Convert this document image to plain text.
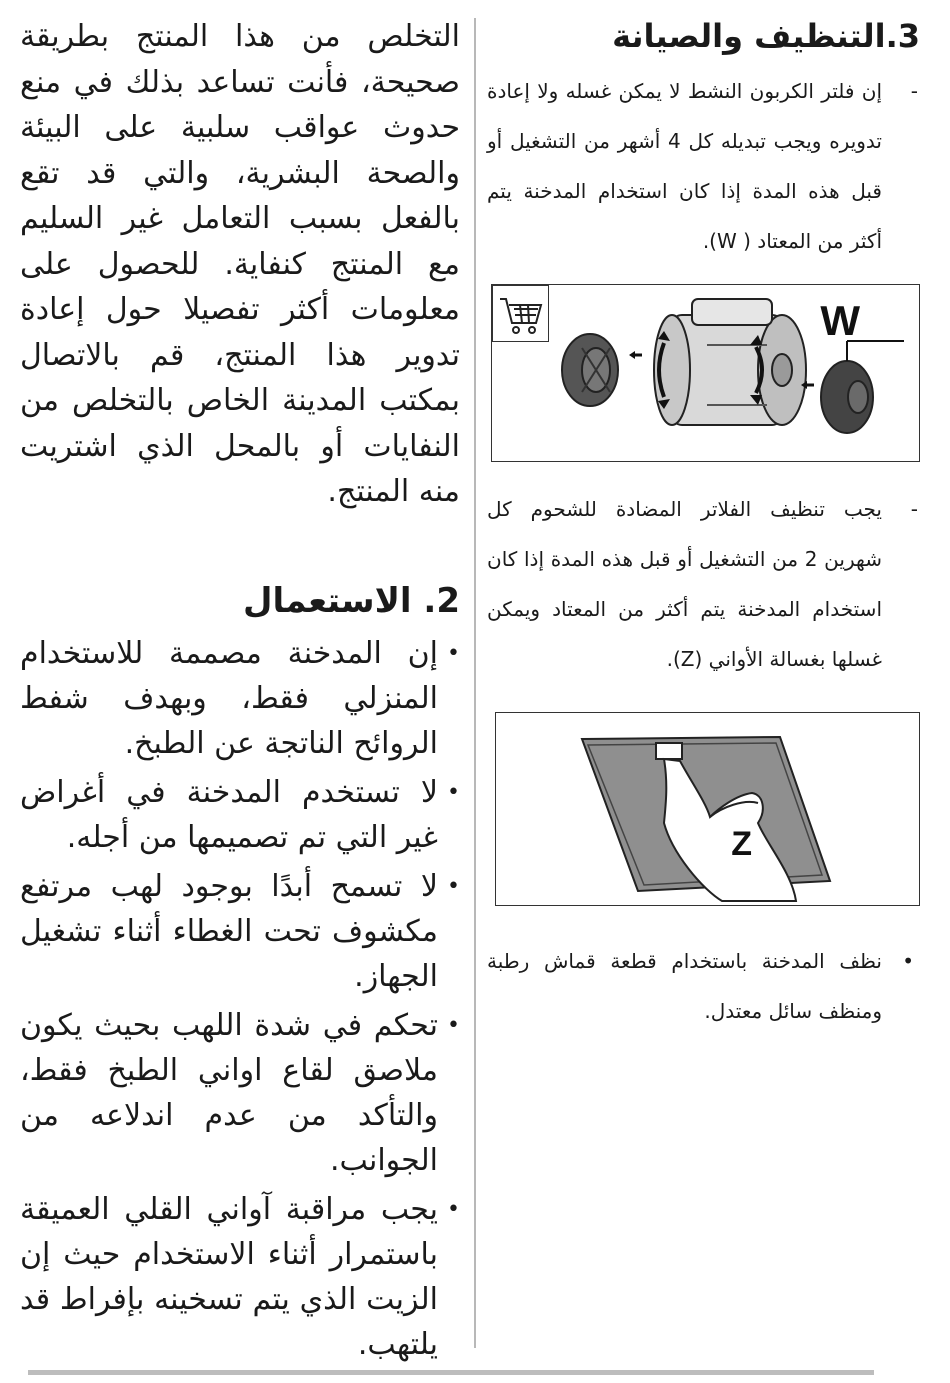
3.التنظيف والصيانة

-
إن فلتر الكربون النشط لا يمكن غسله ولا إعادة تدويره ويجب تبديله كل 4 أشهر من التشغيل أو قبل هذه المدة إذا كان استخدام المدخنة يتم أكثر من المعتاد ( W).

W

-
يجب تنظيف الفلاتر المضادة للشحوم كل شهرين 2 من التشغيل أو قبل هذه المدة إذا كان استخدام المدخنة يتم أكثر من المعتاد ويمكن غسلها بغسالة الأواني (Z).

Z

•
نظف المدخنة باستخدام قطعة قماش رطبة ومنظف سائل معتدل.

التخلص من هذا المنتج بطريقة صحيحة، فأنت تساعد بذلك في منع حدوث عواقب سلبية على البيئة والصحة البشرية، والتي قد تقع بالفعل بسبب التعامل غير السليم مع المنتج كنفاية. للحصول على معلومات أكثر تفصيلا حول إعادة تدوير هذا المنتج، قم بالاتصال بمكتب المدينة الخاص بالتخلص من النفايات أو بالمحل الذي اشتريت منه المنتج.

2. الاستعمال
•
إن المدخنة مصممة للاستخدام المنزلي فقط، وبهدف شفط الروائح الناتجة عن الطبخ.
•
لا تستخدم المدخنة في أغراض غير التي تم تصميمها من أجله.
•
لا تسمح أبدًا بوجود لهب مرتفع مكشوف تحت الغطاء أثناء تشغيل الجهاز.
•
تحكم في شدة اللهب بحيث يكون ملاصق لقاع اواني الطبخ فقط، والتأكد من عدم اندلاعه من الجوانب.
•
يجب مراقبة آواني القلي العميقة باستمرار أثناء الاستخدام حيث إن الزيت الذي يتم تسخينه بإفراط قد يلتهب.
